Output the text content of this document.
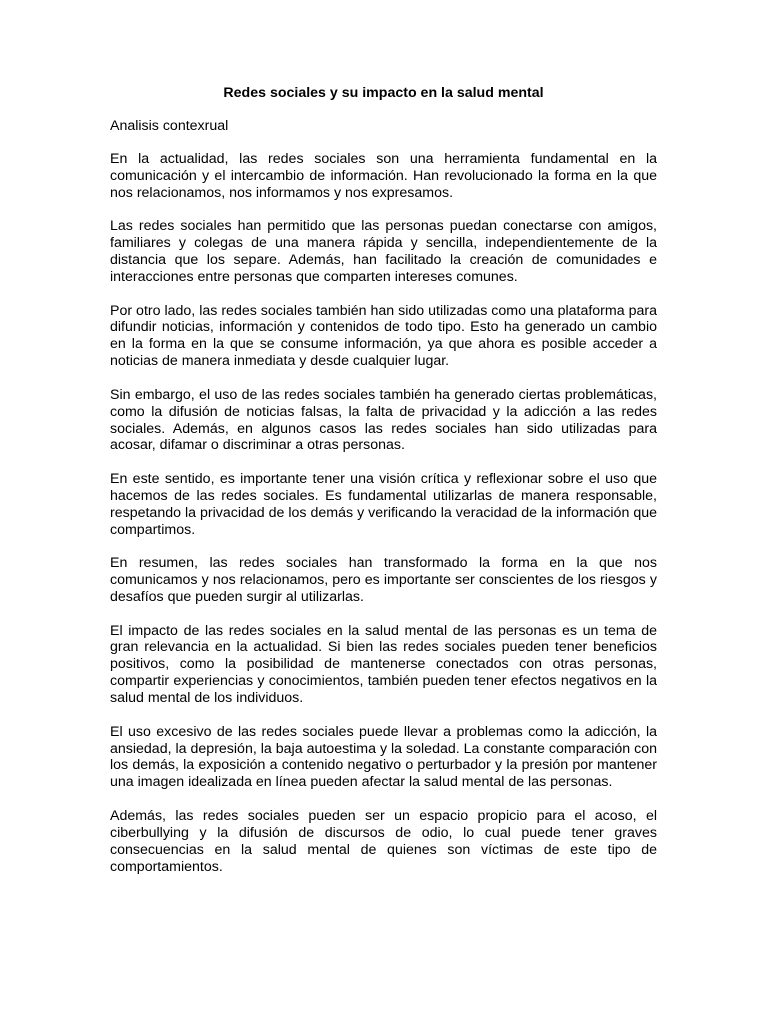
Redes sociales y su impacto en la salud mental

Analisis contexrual

En la actualidad, las redes sociales son una herramienta fundamental en la comunicación y el intercambio de información. Han revolucionado la forma en la que nos relacionamos, nos informamos y nos expresamos.

Las redes sociales han permitido que las personas puedan conectarse con amigos, familiares y colegas de una manera rápida y sencilla, independientemente de la distancia que los separe. Además, han facilitado la creación de comunidades e interacciones entre personas que comparten intereses comunes.

Por otro lado, las redes sociales también han sido utilizadas como una plataforma para difundir noticias, información y contenidos de todo tipo. Esto ha generado un cambio en la forma en la que se consume información, ya que ahora es posible acceder a noticias de manera inmediata y desde cualquier lugar.

Sin embargo, el uso de las redes sociales también ha generado ciertas problemáticas, como la difusión de noticias falsas, la falta de privacidad y la adicción a las redes sociales. Además, en algunos casos las redes sociales han sido utilizadas para acosar, difamar o discriminar a otras personas.

En este sentido, es importante tener una visión crítica y reflexionar sobre el uso que hacemos de las redes sociales. Es fundamental utilizarlas de manera responsable, respetando la privacidad de los demás y verificando la veracidad de la información que compartimos.

En resumen, las redes sociales han transformado la forma en la que nos comunicamos y nos relacionamos, pero es importante ser conscientes de los riesgos y desafíos que pueden surgir al utilizarlas.

El impacto de las redes sociales en la salud mental de las personas es un tema de gran relevancia en la actualidad. Si bien las redes sociales pueden tener beneficios positivos, como la posibilidad de mantenerse conectados con otras personas, compartir experiencias y conocimientos, también pueden tener efectos negativos en la salud mental de los individuos.

El uso excesivo de las redes sociales puede llevar a problemas como la adicción, la ansiedad, la depresión, la baja autoestima y la soledad. La constante comparación con los demás, la exposición a contenido negativo o perturbador y la presión por mantener una imagen idealizada en línea pueden afectar la salud mental de las personas.

Además, las redes sociales pueden ser un espacio propicio para el acoso, el ciberbullying y la difusión de discursos de odio, lo cual puede tener graves consecuencias en la salud mental de quienes son víctimas de este tipo de comportamientos.
